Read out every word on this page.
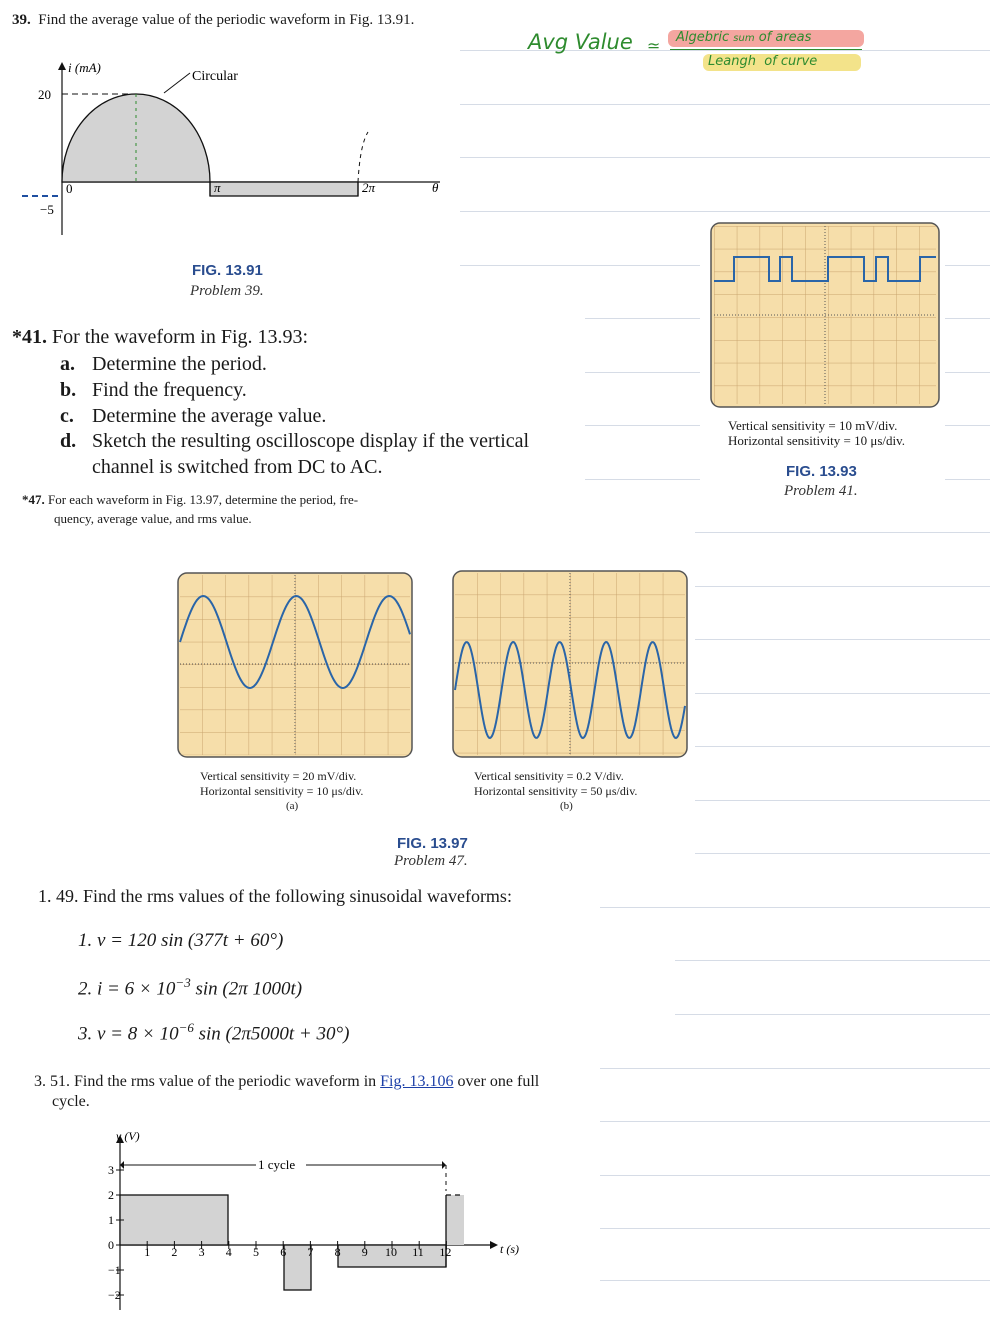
39. Find the average value of the periodic waveform in Fig. 13.91.
Avg Value ≃ Algebric sum of areas
Leangh of curve
i (mA)
20
0
−5
π	2π	θ
Circular
FIG. 13.91
Problem 39.
*41. For the waveform in Fig. 13.93:
a. Determine the period.
b. Find the frequency.
c. Determine the average value.
d. Sketch the resulting oscilloscope display if the vertical
channel is switched from DC to AC.
Vertical sensitivity = 10 mV/div.
Horizontal sensitivity = 10 μs/div.
FIG. 13.93
Problem 41.
*47. For each waveform in Fig. 13.97, determine the period, fre-
quency, average value, and rms value.
Vertical sensitivity = 20 mV/div.
Horizontal sensitivity = 10 μs/div.
(a)
Vertical sensitivity = 0.2 V/div.
Horizontal sensitivity = 50 μs/div.
(b)
FIG. 13.97
Problem 47.
1. 49. Find the rms values of the following sinusoidal waveforms:
1. v = 120 sin (377t + 60°)
2. $i = 6 \times 10^{-3}$ sin (2π 1000t)
3. $v = 8 \times 10^{-6}$ sin (2π5000t + 30°)
3. 51. Find the rms value of the periodic waveform in Fig. 13.106 over one full
cycle.
1 cycle
v (V)
t (s)
3
2
1
0
−1
−2
1 2 3 4 5 6 7 8 9 10 11 12
